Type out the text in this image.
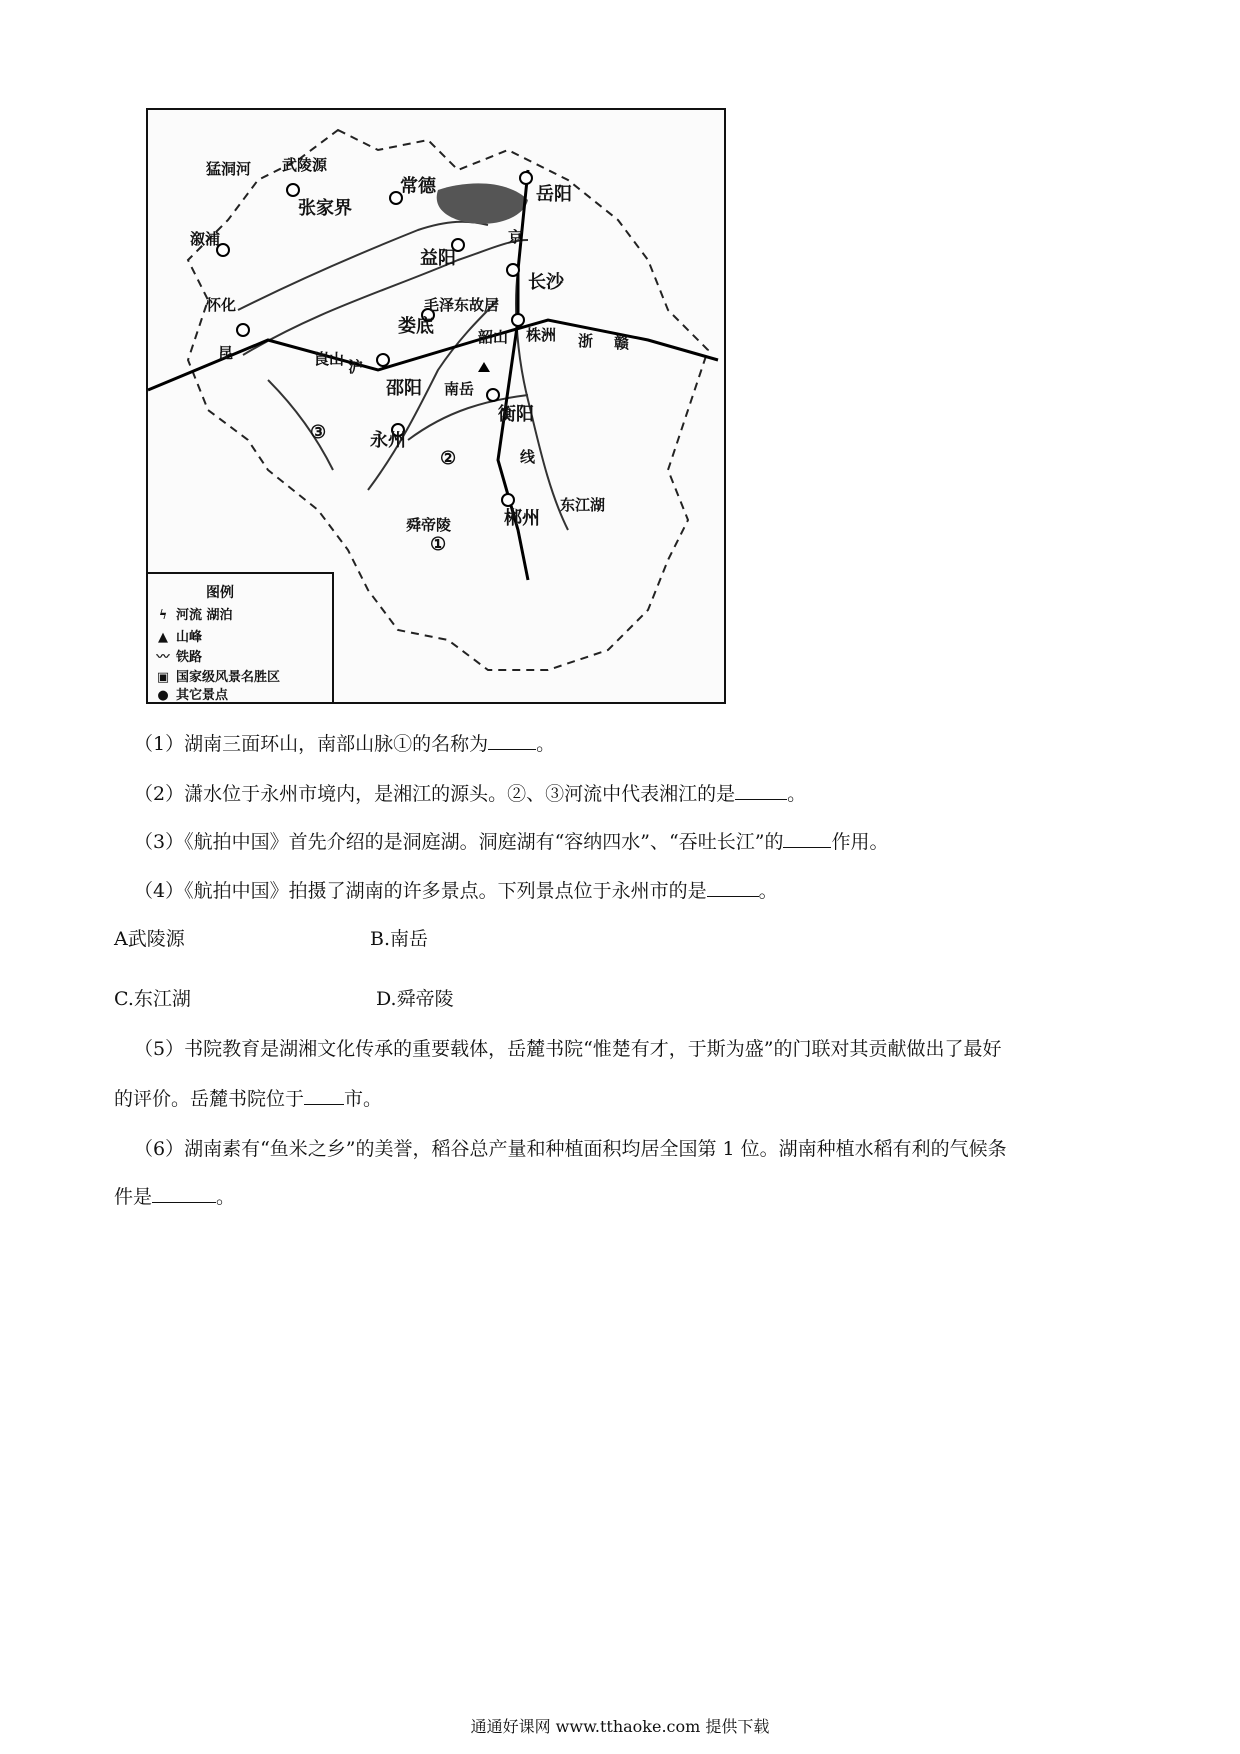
猛洞河 武陵源
张家界
常德	岳阳
溆浦
益阳
长沙
毛泽东故居
娄底	韶山 株洲
崀山
邵阳 南岳
衡阳
永州
怀化
郴州
东江湖
舜帝陵
京
线
沪
昆
浙 赣
①
②
③
图例
ϟ 河流 湖泊
▲ 山峰
〰 铁路
▣ 国家级风景名胜区
● 其它景点
（1）湖南三面环山，南部山脉①的名称为	。
（2）潇水位于永州市境内，是湘江的源头。②、③河流中代表湘江的是	。
（3）《航拍中国》首先介绍的是洞庭湖。洞庭湖有“容纳四水”、“吞吐长江”的	作用。
（4）《航拍中国》拍摄了湖南的许多景点。下列景点位于永州市的是	。
A武陵源	B.南岳
C.东江湖	D.舜帝陵
（5）书院教育是湖湘文化传承的重要载体，岳麓书院“惟楚有才，于斯为盛”的门联对其贡献做出了最好
的评价。岳麓书院位于 市。
（6）湖南素有“鱼米之乡”的美誉，稻谷总产量和种植面积均居全国第 1 位。湖南种植水稻有利的气候条
件是	。
通通好课网 www.tthaoke.com 提供下载
